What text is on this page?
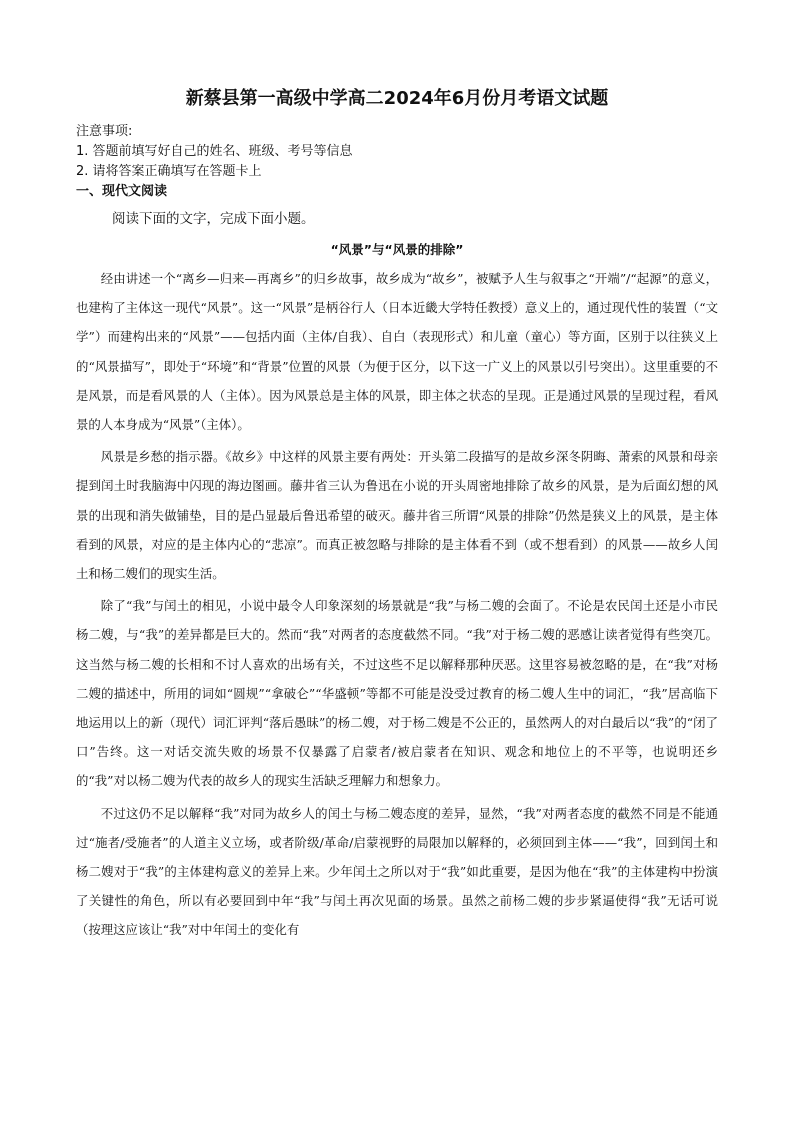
新蔡县第一高级中学高二2024年6月份月考语文试题
注意事项:
1. 答题前填写好自己的姓名、班级、考号等信息
2. 请将答案正确填写在答题卡上
一、现代文阅读
阅读下面的文字，完成下面小题。
“风景”与“风景的排除”

经由讲述一个“离乡—归来—再离乡”的归乡故事，故乡成为“故乡”，被赋予人生与叙事之“开端”/“起源”的意义，也建构了主体这一现代“风景”。这一“风景”是柄谷行人（日本近畿大学特任教授）意义上的，通过现代性的装置（“文学”）而建构出来的“风景”——包括内面（主体/自我）、自白（表现形式）和儿童（童心）等方面，区别于以往狭义上的“风景描写”，即处于“环境”和“背景”位置的风景（为便于区分，以下这一广义上的风景以引号突出）。这里重要的不是风景，而是看风景的人（主体）。因为风景总是主体的风景，即主体之状态的呈现。正是通过风景的呈现过程，看风景的人本身成为“风景”（主体）。

风景是乡愁的指示器。《故乡》中这样的风景主要有两处：开头第二段描写的是故乡深冬阴晦、萧索的风景和母亲提到闰土时我脑海中闪现的海边图画。藤井省三认为鲁迅在小说的开头周密地排除了故乡的风景，是为后面幻想的风景的出现和消失做铺垫，目的是凸显最后鲁迅希望的破灭。藤井省三所谓“风景的排除”仍然是狭义上的风景，是主体看到的风景，对应的是主体内心的“悲凉”。而真正被忽略与排除的是主体看不到（或不想看到）的风景——故乡人闰土和杨二嫂们的现实生活。

除了“我”与闰土的相见，小说中最令人印象深刻的场景就是“我”与杨二嫂的会面了。不论是农民闰土还是小市民杨二嫂，与“我”的差异都是巨大的。然而“我”对两者的态度截然不同。“我”对于杨二嫂的恶感让读者觉得有些突兀。这当然与杨二嫂的长相和不讨人喜欢的出场有关，不过这些不足以解释那种厌恶。这里容易被忽略的是，在“我”对杨二嫂的描述中，所用的词如“圆规”“拿破仑”“华盛顿”等都不可能是没受过教育的杨二嫂人生中的词汇，“我”居高临下地运用以上的新（现代）词汇评判“落后愚昧”的杨二嫂，对于杨二嫂是不公正的，虽然两人的对白最后以“我”的“闭了口”告终。这一对话交流失败的场景不仅暴露了启蒙者/被启蒙者在知识、观念和地位上的不平等，也说明还乡的“我”对以杨二嫂为代表的故乡人的现实生活缺乏理解力和想象力。

不过这仍不足以解释“我”对同为故乡人的闰土与杨二嫂态度的差异，显然，“我”对两者态度的截然不同是不能通过“施者/受施者”的人道主义立场，或者阶级/革命/启蒙视野的局限加以解释的，必须回到主体——“我”，回到闰土和杨二嫂对于“我”的主体建构意义的差异上来。少年闰土之所以对于“我”如此重要，是因为他在“我”的主体建构中扮演了关键性的角色，所以有必要回到中年“我”与闰土再次见面的场景。虽然之前杨二嫂的步步紧逼使得“我”无话可说（按理这应该让“我”对中年闰土的变化有
